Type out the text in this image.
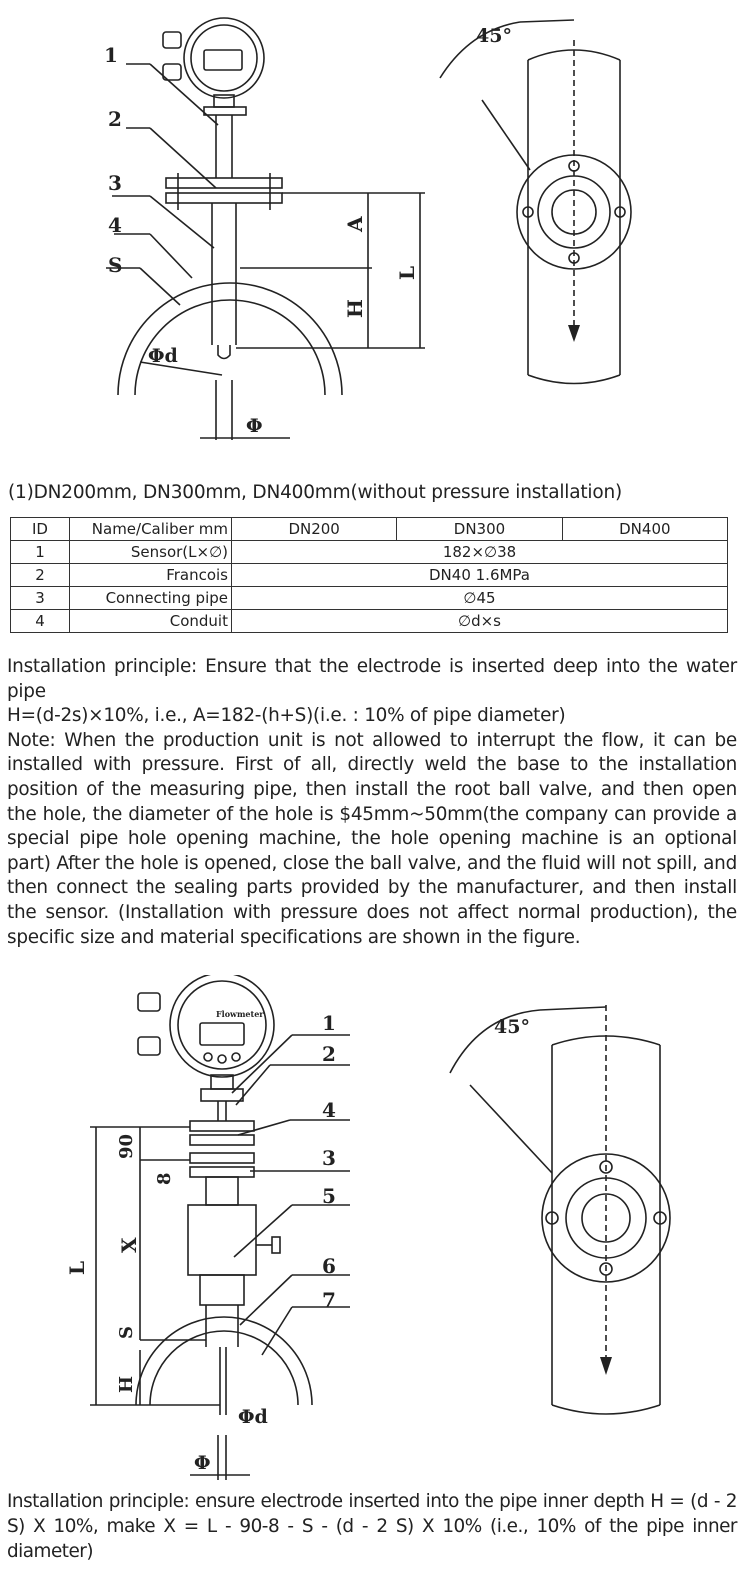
1
2
3
4
S
A
L
H
Φd
Φ
45°
(1)DN200mm, DN300mm, DN400mm(without pressure installation)
ID	Name/Caliber mm	DN200	DN300	DN400
1	Sensor(L×∅)	182×∅38		
2	Francois	DN40 1.6MPa		
3	Connecting pipe	∅45		
4	Conduit	∅d×s		
Installation principle: Ensure that the electrode is inserted deep into the water pipe
H=(d-2s)×10%, i.e., A=182-(h+S)(i.e. : 10% of pipe diameter)
Note: When the production unit is not allowed to interrupt the flow, it can be installed with pressure. First of all, directly weld the base to the installation position of the measuring pipe, then install the root ball valve, and then open the hole, the diameter of the hole is $45mm~50mm(the company can provide a special pipe hole opening machine, the hole opening machine is an optional part) After the hole is opened, close the ball valve, and the fluid will not spill, and then connect the sealing parts provided by the manufacturer, and then install the sensor. (Installation with pressure does not affect normal production), the specific size and material specifications are shown in the figure.
Flowmeter	1
2
4
3
5
6
7
L
90
8
X
S
H
Φd
Φ
45°
Installation principle: ensure electrode inserted into the pipe inner depth H = (d - 2 S) X 10%, make X = L - 90-8 - S - (d - 2 S) X 10% (i.e., 10% of the pipe inner diameter)
